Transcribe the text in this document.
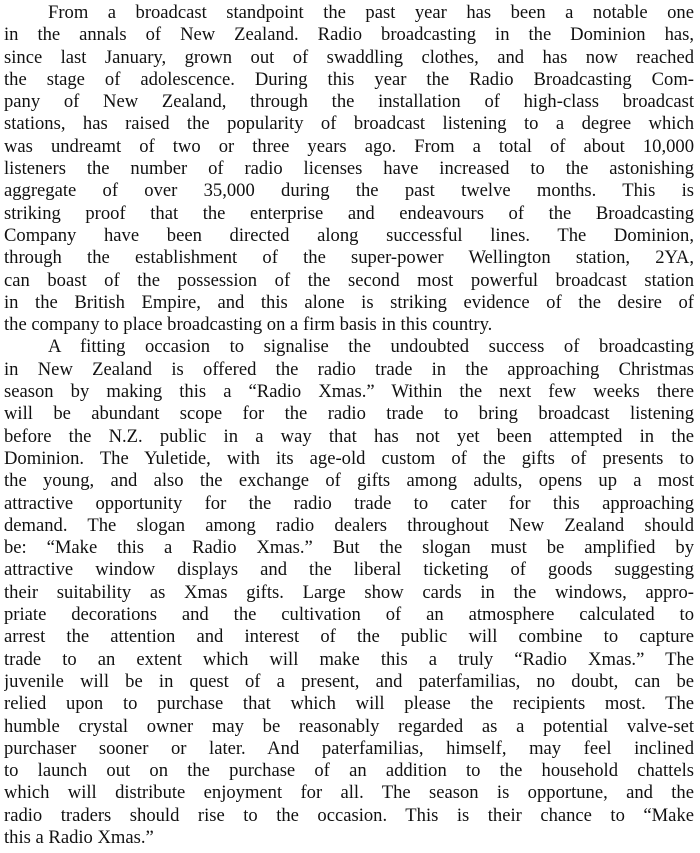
From a broadcast standpoint the past year has been a notable one
in the annals of New Zealand. Radio broadcasting in the Dominion has,
since last January, grown out of swaddling clothes, and has now reached
the stage of adolescence. During this year the Radio Broadcasting Com-
pany of New Zealand, through the installation of high-class broadcast
stations, has raised the popularity of broadcast listening to a degree which
was undreamt of two or three years ago. From a total of about 10,000
listeners the number of radio licenses have increased to the astonishing
aggregate of over 35,000 during the past twelve months. This is
striking proof that the enterprise and endeavours of the Broadcasting
Company have been directed along successful lines. The Dominion,
through the establishment of the super-power Wellington station, 2YA,
can boast of the possession of the second most powerful broadcast station
in the British Empire, and this alone is striking evidence of the desire of
the company to place broadcasting on a firm basis in this country.
A fitting occasion to signalise the undoubted success of broadcasting
in New Zealand is offered the radio trade in the approaching Christmas
season by making this a “Radio Xmas.” Within the next few weeks there
will be abundant scope for the radio trade to bring broadcast listening
before the N.Z. public in a way that has not yet been attempted in the
Dominion. The Yuletide, with its age-old custom of the gifts of presents to
the young, and also the exchange of gifts among adults, opens up a most
attractive opportunity for the radio trade to cater for this approaching
demand. The slogan among radio dealers throughout New Zealand should
be: “Make this a Radio Xmas.” But the slogan must be amplified by
attractive window displays and the liberal ticketing of goods suggesting
their suitability as Xmas gifts. Large show cards in the windows, appro-
priate decorations and the cultivation of an atmosphere calculated to
arrest the attention and interest of the public will combine to capture
trade to an extent which will make this a truly “Radio Xmas.” The
juvenile will be in quest of a present, and paterfamilias, no doubt, can be
relied upon to purchase that which will please the recipients most. The
humble crystal owner may be reasonably regarded as a potential valve-set
purchaser sooner or later. And paterfamilias, himself, may feel inclined
to launch out on the purchase of an addition to the household chattels
which will distribute enjoyment for all. The season is opportune, and the
radio traders should rise to the occasion. This is their chance to “Make
this a Radio Xmas.”
